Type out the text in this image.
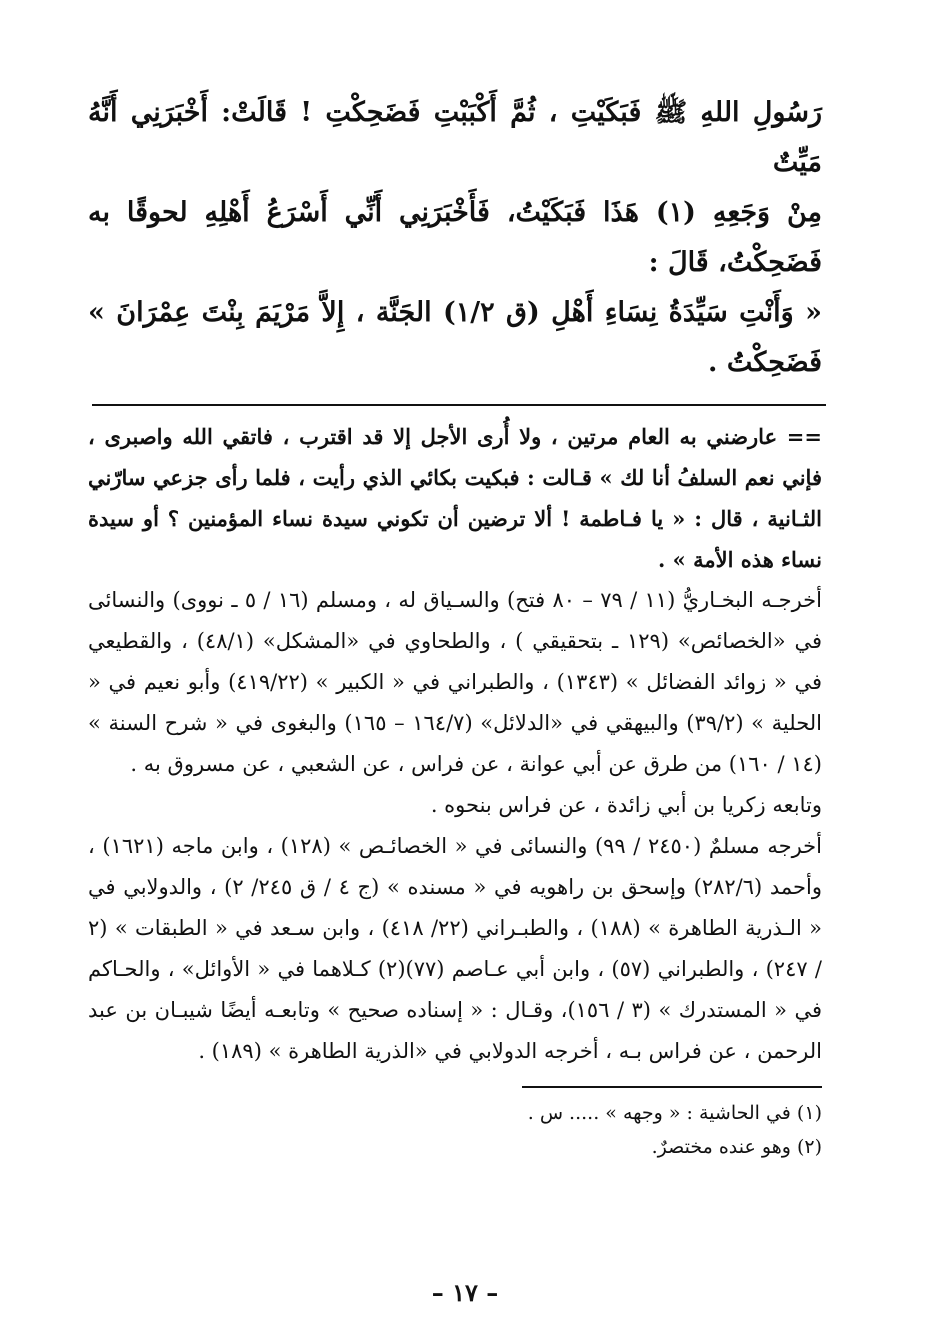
رَسُولِ اللهِ ﷺ فَبَكَيْتِ ، ثُمَّ أَكْبَبْتِ فَضَحِكْتِ ! قَالَتْ: أَخْبَرَنِي أَنَّهُ مَيِّتٌ

مِنْ وَجَعِهِ (١) هَذَا فَبَكَيْتُ، فَأَخْبَرَنِي أَنِّي أَسْرَعُ أَهْلِهِ لحوقًا به فَضَحِكْتُ، قَالَ :

« وَأَنْتِ سَيِّدَةُ نِسَاءِ أَهْلِ (ق ١/٢) الجَنَّة ، إِلاَّ مَرْيَمَ بِنْتَ عِمْرَانَ » فَضَحِكْتُ .

== عارضني به العام مرتين ، ولا أُرى الأجل إلا قد اقترب ، فاتقي الله واصبرى ، فإني نعم السلفُ أنا لك » قـالت : فبكيت بكائي الذي رأيت ، فلما رأى جزعي سارّني الثـانية ، قال : « يا فـاطمة ! ألا ترضين أن تكوني سيدة نساء المؤمنين ؟ أو سيدة نساء هذه الأمة » .

أخرجـه البخـاريُّ (١١ / ٧٩ – ٨٠ فتح) والسـياق له ، ومسلم (١٦ / ٥ ـ نووى) والنسائى في «الخصائص» (١٢٩ ـ بتحقيقي ) ، والطحاوي في «المشكل» (٤٨/١) ، والقطيعي في « زوائد الفضائل » (١٣٤٣) ، والطبراني في « الكبير » (٤١٩/٢٢) وأبو نعيم في « الحلية » (٣٩/٢) والبيهقي في «الدلائل» (١٦٤/٧ – ١٦٥) والبغوى في « شرح السنة » (١٤ / ١٦٠) من طرق عن أبي عوانة ، عن فراس ، عن الشعبي ، عن مسروق به .

وتابعه زكريا بن أبي زائدة ، عن فراس بنحوه .

أخرجه مسلمٌ (٢٤٥٠ / ٩٩) والنسائى في « الخصائـص » (١٢٨) ، وابن ماجه (١٦٢١) ، وأحمد (٢٨٢/٦) وإسحق بن راهويه في « مسنده » (ج ٤ / ق ٢٤٥/ ٢) ، والدولابي في « الـذرية الطاهرة » (١٨٨) ، والطبـراني (٢٢/ ٤١٨) ، وابن سـعد في « الطبقات » (٢ / ٢٤٧) ، والطبراني (٥٧) ، وابن أبي عـاصم (٧٧)(٢) كـلاهما في « الأوائل» ، والحـاكم في « المستدرك » (٣ / ١٥٦)، وقـال : « إسناده صحيح » وتابعـه أيضًا شيبـان بن عبد الرحمن ، عن فراس بـه ، أخرجه الدولابي في «الذرية الطاهرة » (١٨٩) .

(١) في الحاشية : « وجهه » ..... س .

(٢) وهو عنده مختصرٌ.

– ١٧ –
